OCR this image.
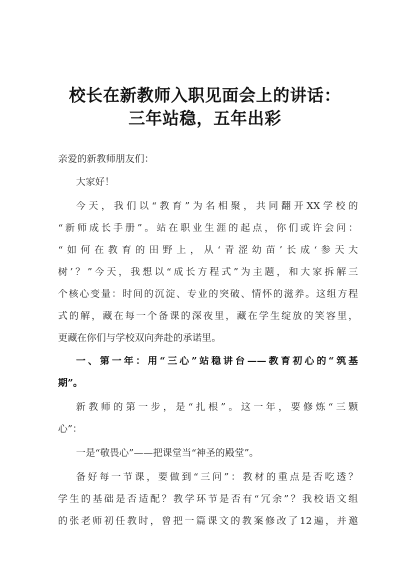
校长在新教师入职见面会上的讲话：
三年站稳，五年出彩
亲爱的新教师朋友们：
大家好！
今天，我们以“教育”为名相聚，共同翻开XX学校的
“新师成长手册”。站在职业生涯的起点，你们或许会问：
“如何在教育的田野上，从‘青涩幼苗’长成‘参天大
树’？”今天，我想以“成长方程式”为主题，和大家拆解三
个核心变量：时间的沉淀、专业的突破、情怀的滋养。这组方程
式的解，藏在每一个备课的深夜里，藏在学生绽放的笑容里，
更藏在你们与学校双向奔赴的承诺里。
一、第一年：用“三心”站稳讲台——教育初心的“筑基
期”。
新教师的第一步，是“扎根”。这一年，要修炼“三颗
心”：
一是“敬畏心”——把课堂当“神圣的殿堂”。
备好每一节课，要做到“三问”：教材的重点是否吃透？
学生的基础是否适配？教学环节是否有“冗余”？我校语文组
的张老师初任教时，曾把一篇课文的教案修改了12遍，并邀
